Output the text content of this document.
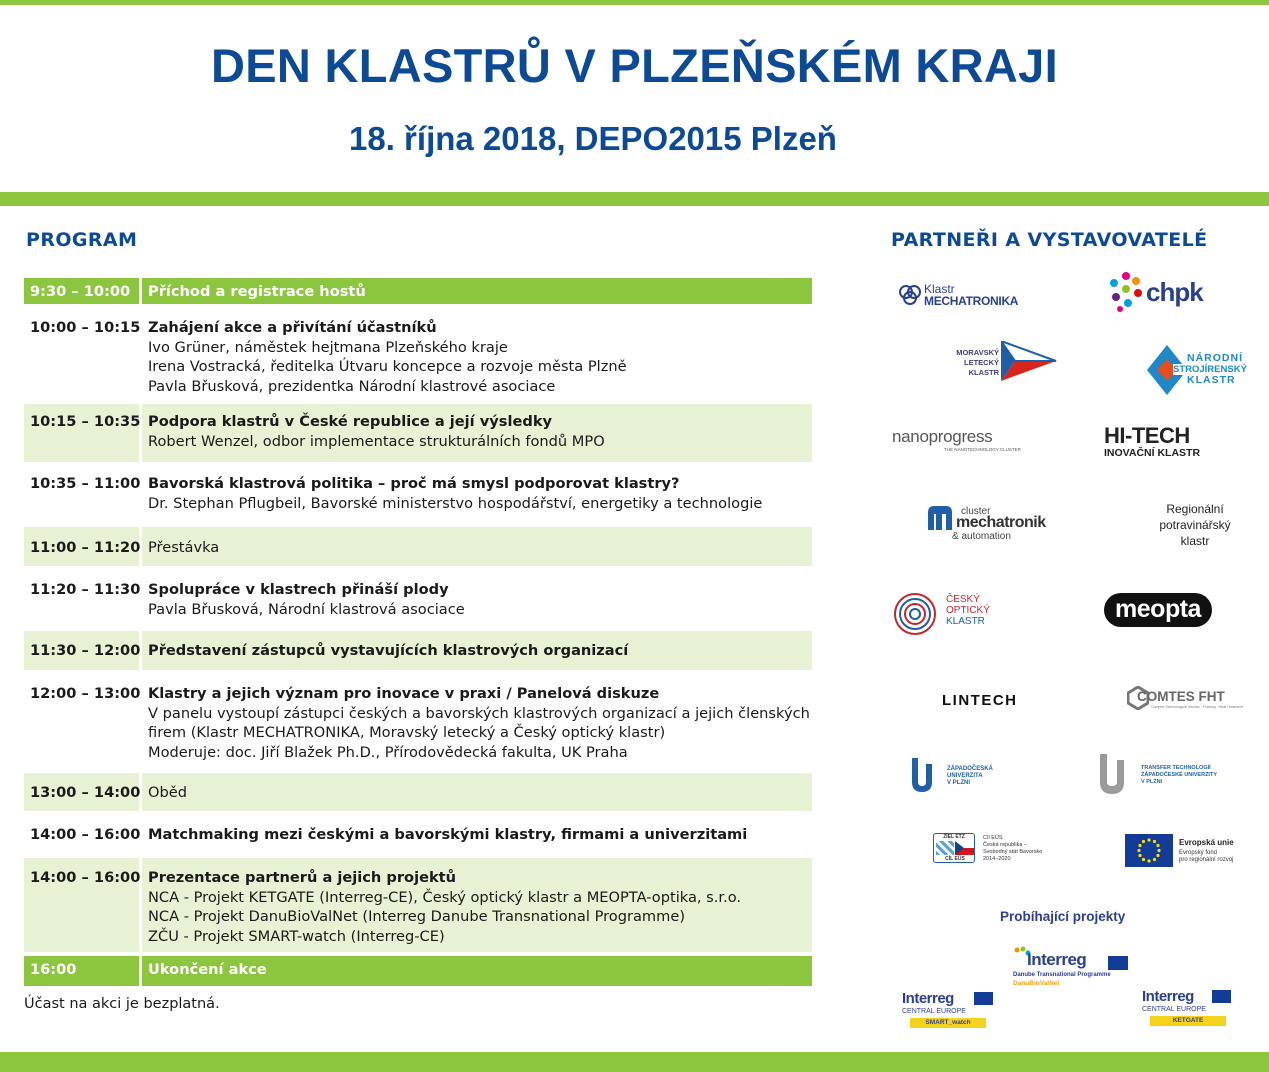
DEN KLASTRŮ V PLZEŇSKÉM KRAJI
18. října 2018, DEPO2015 Plzeň
PROGRAM	PARTNEŘI A VYSTAVOVATELÉ
9:30 – 10:00	Příchod a registrace hostů
10:00 – 10:15 Zahájení akce a přivítání účastníků
Ivo Grüner, náměstek hejtmana Plzeňského kraje
Irena Vostracká, ředitelka Útvaru koncepce a rozvoje města Plzně
Pavla Břusková, prezidentka Národní klastrové asociace
10:15 – 10:35 Podpora klastrů v České republice a její výsledky
Robert Wenzel, odbor implementace strukturálních fondů MPO
10:35 – 11:00 Bavorská klastrová politika – proč má smysl podporovat klastry?
Dr. Stephan Pflugbeil, Bavorské ministerstvo hospodářství, energetiky a technologie
11:00 – 11:20 Přestávka
11:20 – 11:30 Spolupráce v klastrech přináší plody
Pavla Břusková, Národní klastrová asociace
11:30 – 12:00 Představení zástupců vystavujících klastrových organizací
12:00 – 13:00 Klastry a jejich význam pro inovace v praxi / Panelová diskuze
V panelu vystoupí zástupci českých a bavorských klastrových organizací a jejich členských
firem (Klastr MECHATRONIKA, Moravský letecký a Český optický klastr)
Moderuje: doc. Jiří Blažek Ph.D., Přírodovědecká fakulta, UK Praha
13:00 – 14:00 Oběd
14:00 – 16:00 Matchmaking mezi českými a bavorskými klastry, firmami a univerzitami
14:00 – 16:00 Prezentace partnerů a jejich projektů
NCA - Projekt KETGATE (Interreg-CE), Český optický klastr a MEOPTA-optika, s.r.o.
NCA - Projekt DanuBioValNet (Interreg Danube Transnational Programme)
ZČU - Projekt SMART-watch (Interreg-CE)
16:00	Ukončení akce
Účast na akci je bezplatná.
Klastr
MECHATRONIKA	chpk
MORAVSKÝ
LETECKÝ
KLASTR
NÁRODNÍ
STROJÍRENSKÝ
KLASTR
nanoprogress
THE NANOTECHNOLOGY CLUSTER
HI-TECH
INOVAČNÍ KLASTR
cluster
mechatronik
& automation
Regionální
potravinářský
klastr
ČESKÝ
OPTICKÝ
KLASTR	meopta
LINTECH	COMTES FHT
Complex Technological Service · Forming · Heat Treatment
ZÁPADOČESKÁ
UNIVERZITA
V PLZNI
TRANSFER TECHNOLOGIÍ
ZÁPADOČESKÉ UNIVERZITY
V PLZNI
ZIEL ETZ
CÍL EÚS
Cíl EÚS
Česká republika –
Svobodný stát Bavorsko
2014–2020
Evropská unie
Evropský fond
pro regionální rozvoj
Probíhající projekty
Interreg
Danube Transnational Programme
DanuBioValNet
Interreg
CENTRAL EUROPE
SMART_watch
Interreg
CENTRAL EUROPE
KETGATE
